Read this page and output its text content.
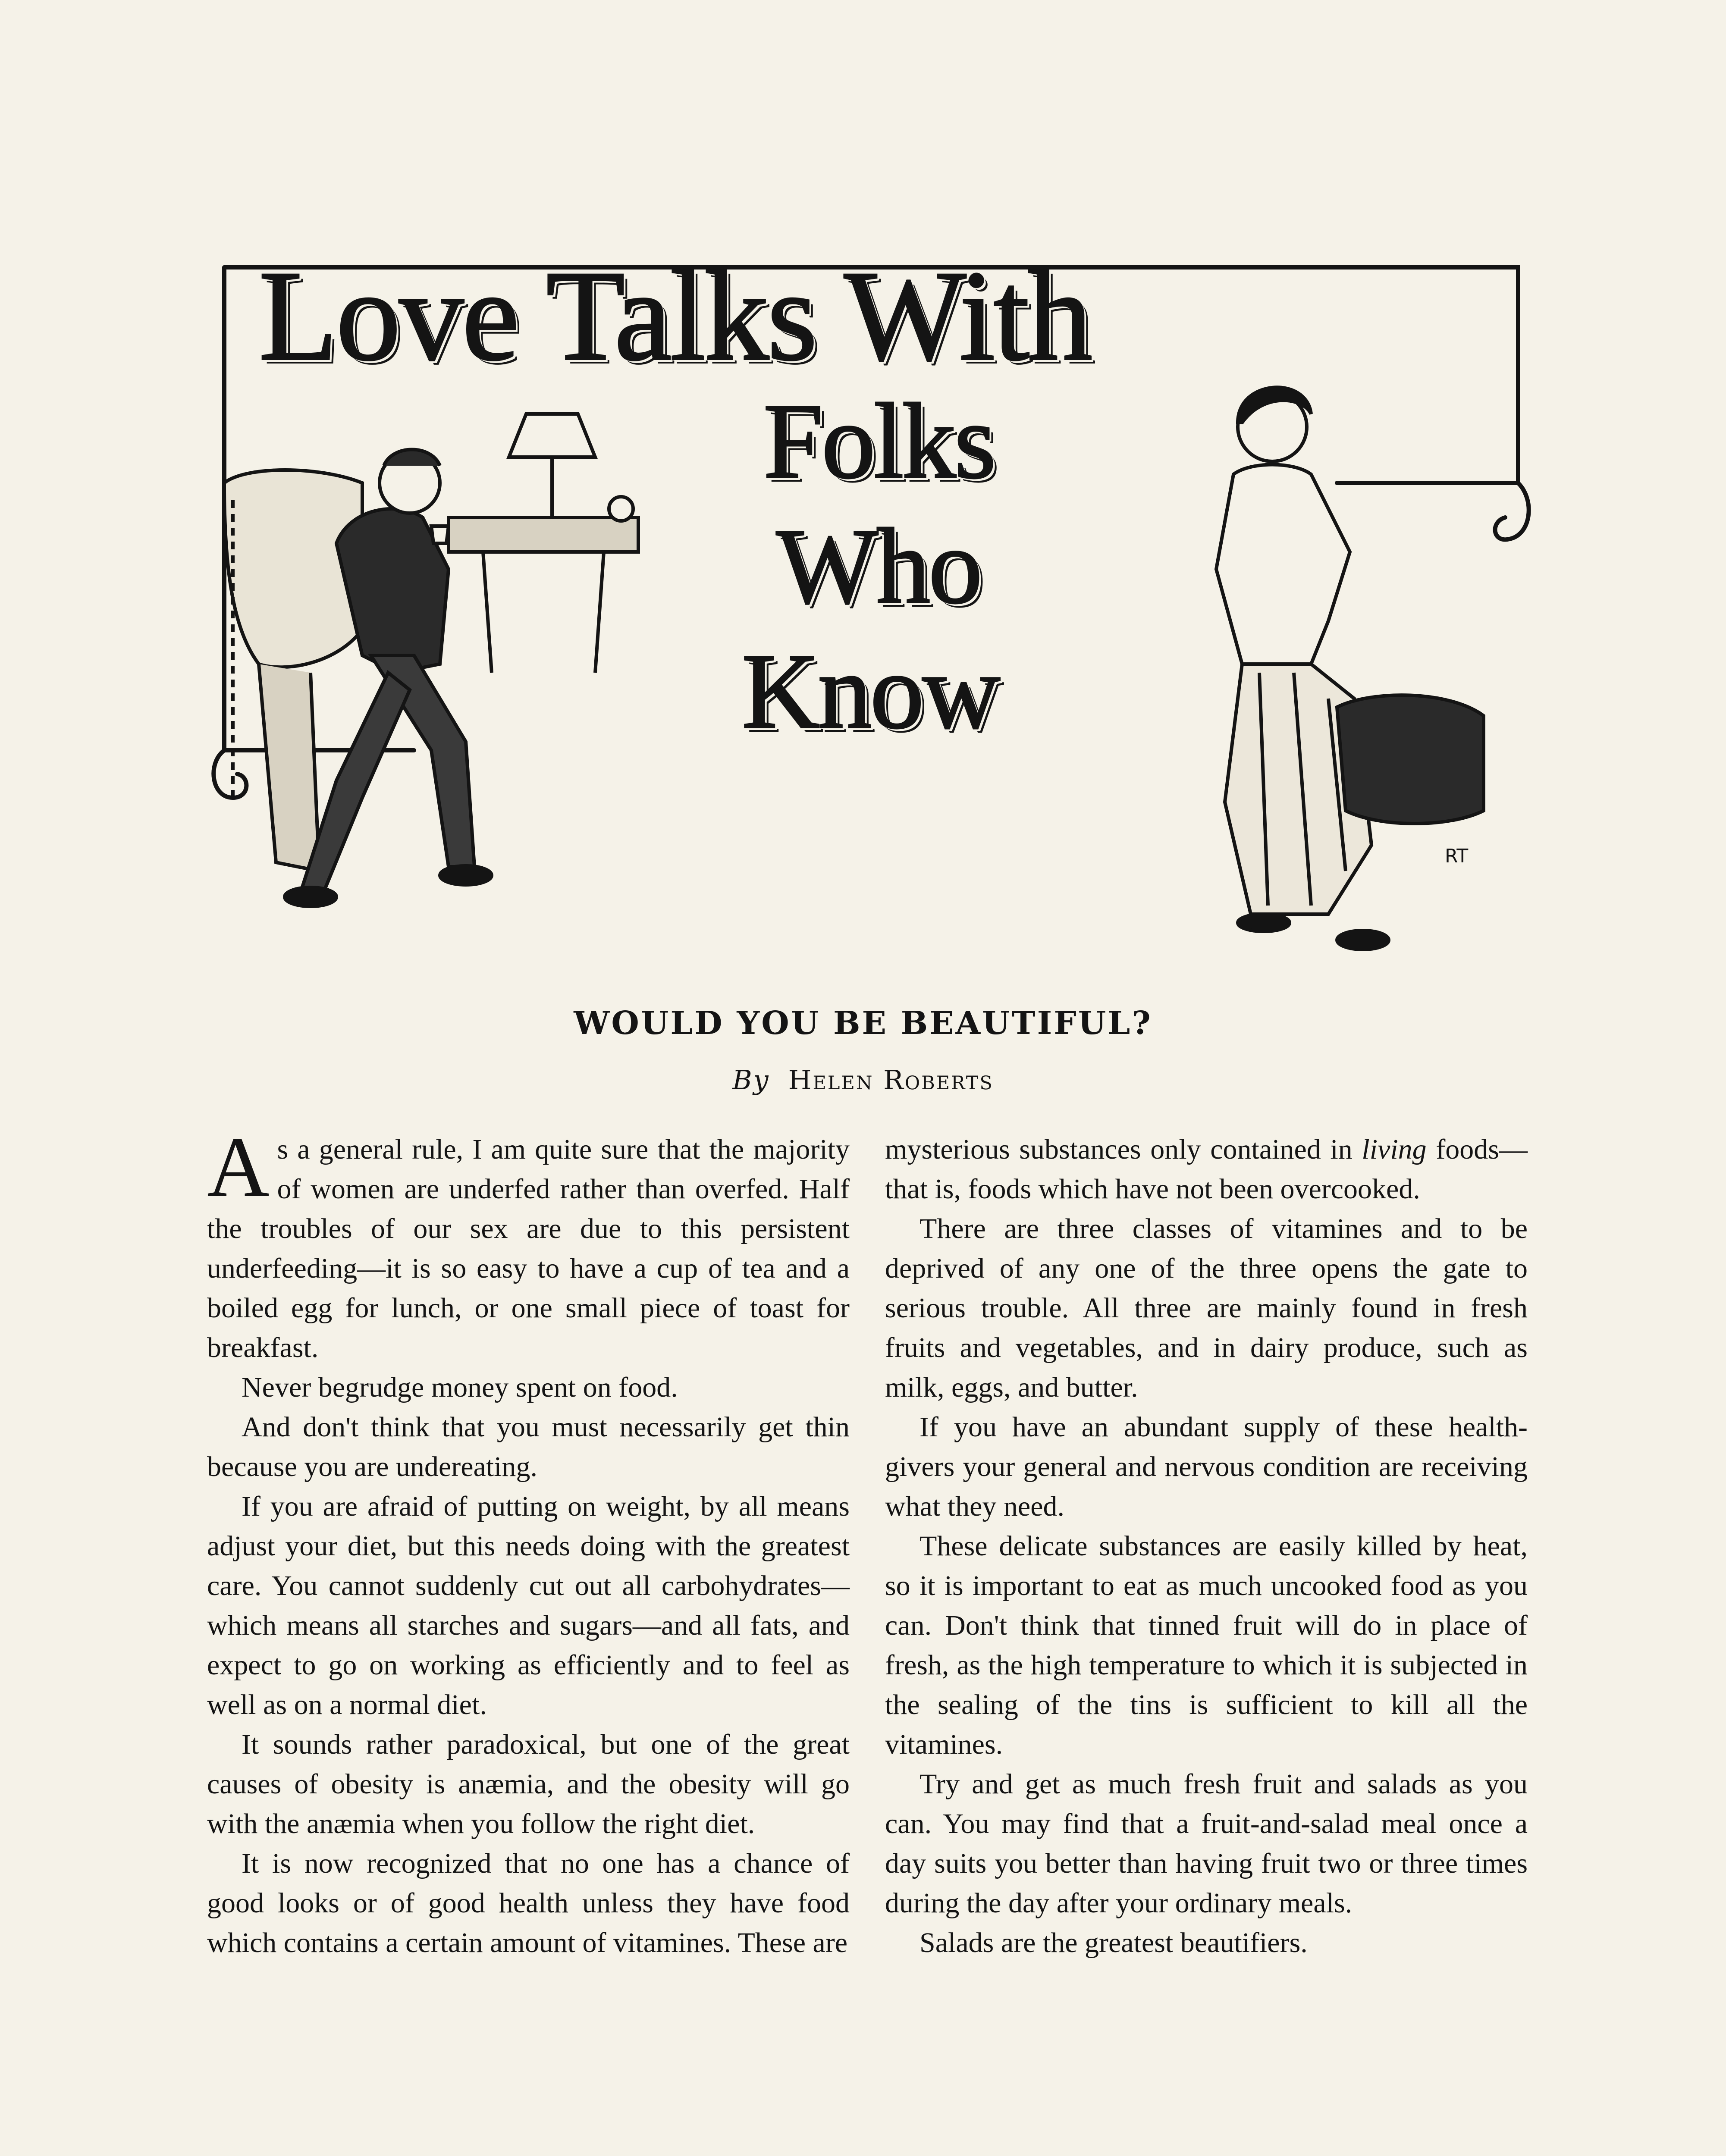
RT
Love Talks With
Folks
Who
Know
WOULD YOU BE BEAUTIFUL?
By Helen Roberts

As a general rule, I am quite sure that the majority of women are underfed rather than overfed. Half the troubles of our sex are due to this persistent underfeeding—it is so easy to have a cup of tea and a boiled egg for lunch, or one small piece of toast for breakfast.

Never begrudge money spent on food.

And don't think that you must necessarily get thin because you are undereating.

If you are afraid of putting on weight, by all means adjust your diet, but this needs doing with the greatest care. You cannot suddenly cut out all carbohydrates—which means all starches and sugars—and all fats, and expect to go on working as efficiently and to feel as well as on a normal diet.

It sounds rather paradoxical, but one of the great causes of obesity is anæmia, and the obesity will go with the anæmia when you follow the right diet.

It is now recognized that no one has a chance of good looks or of good health unless they have food which contains a certain amount of vitamines. These are

mysterious substances only contained in living foods—that is, foods which have not been overcooked.

There are three classes of vitamines and to be deprived of any one of the three opens the gate to serious trouble. All three are mainly found in fresh fruits and vegetables, and in dairy produce, such as milk, eggs, and butter.

If you have an abundant supply of these health-givers your general and nervous condition are receiving what they need.

These delicate substances are easily killed by heat, so it is important to eat as much uncooked food as you can. Don't think that tinned fruit will do in place of fresh, as the high temperature to which it is subjected in the sealing of the tins is sufficient to kill all the vitamines.

Try and get as much fresh fruit and salads as you can. You may find that a fruit-and-salad meal once a day suits you better than having fruit two or three times during the day after your ordinary meals.

Salads are the greatest beautifiers.
